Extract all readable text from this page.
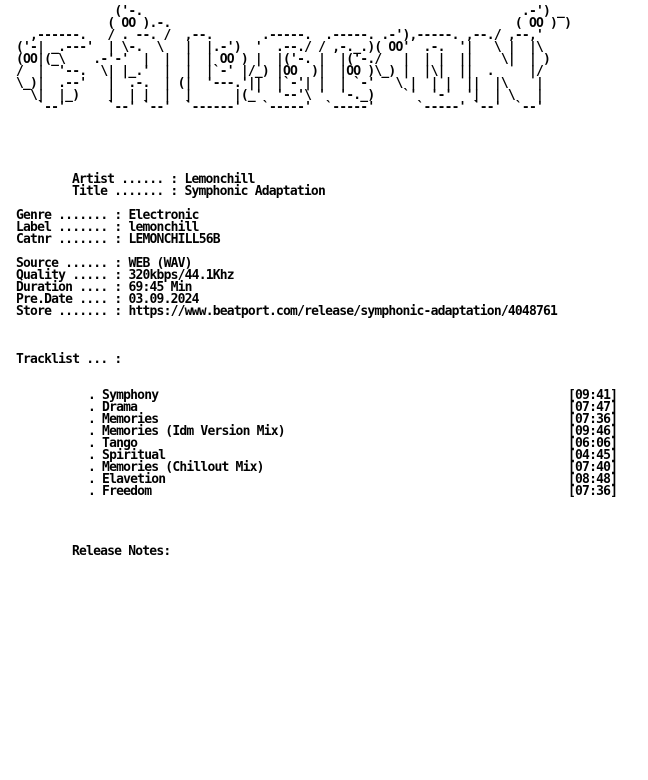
('-.                                                      .-') _
( OO ).-.                                                 ( OO ) )
,------.   / . --. /  ,--.       .-----.  .-----. .-'),-----. ,--./ ,--,'
('-| _.---'  | \-.  \   |  |.-')  '  .--./ / ,-._.)( OO'  .-.  '|   \ |  |\
(OO|(_\    .-'-'  |  |  |  | OO ) |  |('-. |  |('-./   |  | |  ||    \|  | )
/  |  '--.  \| |_.'  |  |  |`-' |/_) |OO  )|  |OO )\_) |  |\|  ||  .     |/
\_)|  .--'   |  .-.  | (|  '---.'||  |`-'| |  | `-'   \ |  | |  ||  |\    |
\|  |_)    |  | |  |  |      |(_'  '--'\ '  '-._)    `'  '-'  '|  | \   |
`--'      `--' `--'  `------'   `-----'  `-----'      `-----' `--'  `--'

Artist ...... : Lemonchill
Title ....... : Symphonic Adaptation
Genre ....... : Electronic
Label ....... : lemonchill
Catnr ....... : LEMONCHILL56B
Source ...... : WEB (WAV)
Quality ..... : 320kbps/44.1Khz
Duration .... : 69:45 Min
Pre.Date .... : 03.09.2024
Store ....... : https://www.beatport.com/release/symphonic-adaptation/4048761
Tracklist ... :
. Symphony	[09:41]
. Drama	[07:47]
. Memories	[07:36]
. Memories (Idm Version Mix)	[09:46]
. Tango	[06:06]
. Spiritual	[04:45]
. Memories (Chillout Mix)	[07:40]
. Elavetion	[08:48]
. Freedom	[07:36]
Release Notes:
